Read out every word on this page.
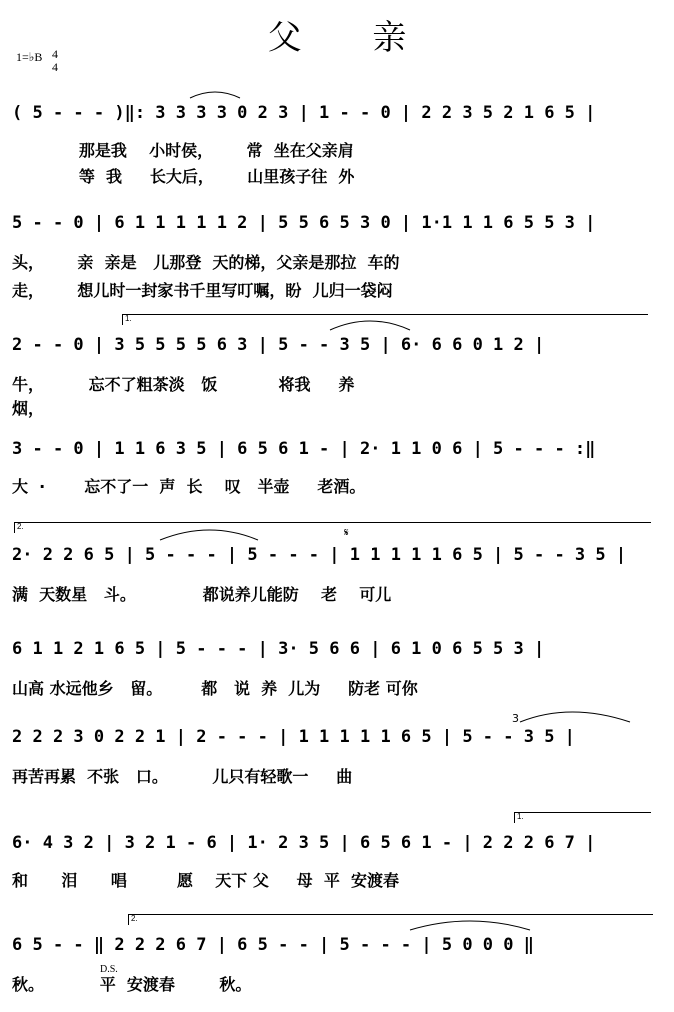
父 亲
1=♭B 4
4
( 5 - - - )‖: 3 3 3 3 0 2 3 | 1 - - 0 | 2 2 3 5 2 1 6 5 |
那是我    小时侯，      常  坐在父亲肩
等  我     长大后，      山里孩子往  外
5 - - 0 | 6 1 1 1 1 1 2 | 5 5 6 5 3 0 | 1·1 1 1 6 5 5 3 |
头，      亲  亲是   儿那登  天的梯，父亲是那拉  车的
走，      想儿时一封家书千里写叮嘱，盼  儿归一袋闷
1.
2 - - 0 | 3 5 5 5 5 6 3 | 5 - - 3 5 | 6· 6 6 0 1 2 |
牛，        忘不了粗茶淡   饭           将我     养
烟，
3 - - 0 | 1 1 6 3 5 | 6 5 6 1 - | 2· 1 1 0 6 | 5 - - - :‖
大  ·       忘不了一  声  长    叹   半壶     老酒。
2.	𝄋
2· 2 2 6 5 | 5 - - - | 5 - - - | 1 1 1 1 1 6 5 | 5 - - 3 5 |
满  天数星   斗。            都说养儿能防    老    可儿
6 1 1 2 1 6 5 | 5 - - - | 3· 5 6 6 | 6 1 0 6 5 5 3 |
山高 水远他乡   留。       都   说  养  儿为     防老 可你
3
2 2 2 3 0 2 2 1 | 2 - - - | 1 1 1 1 1 6 5 | 5 - - 3 5 |
再苦再累  不张   口。        儿只有轻歌一     曲
1.
6· 4 3 2 | 3 2 1 - 6 | 1· 2 3 5 | 6 5 6 1 - | 2 2 2 6 7 |
和      泪      唱         愿    天下 父     母  平  安渡春
2.
6 5 - - ‖ 2 2 2 6 7 | 6 5 - - | 5 - - - | 5 0 0 0 ‖
D.S.
秋。          平  安渡春        秋。
